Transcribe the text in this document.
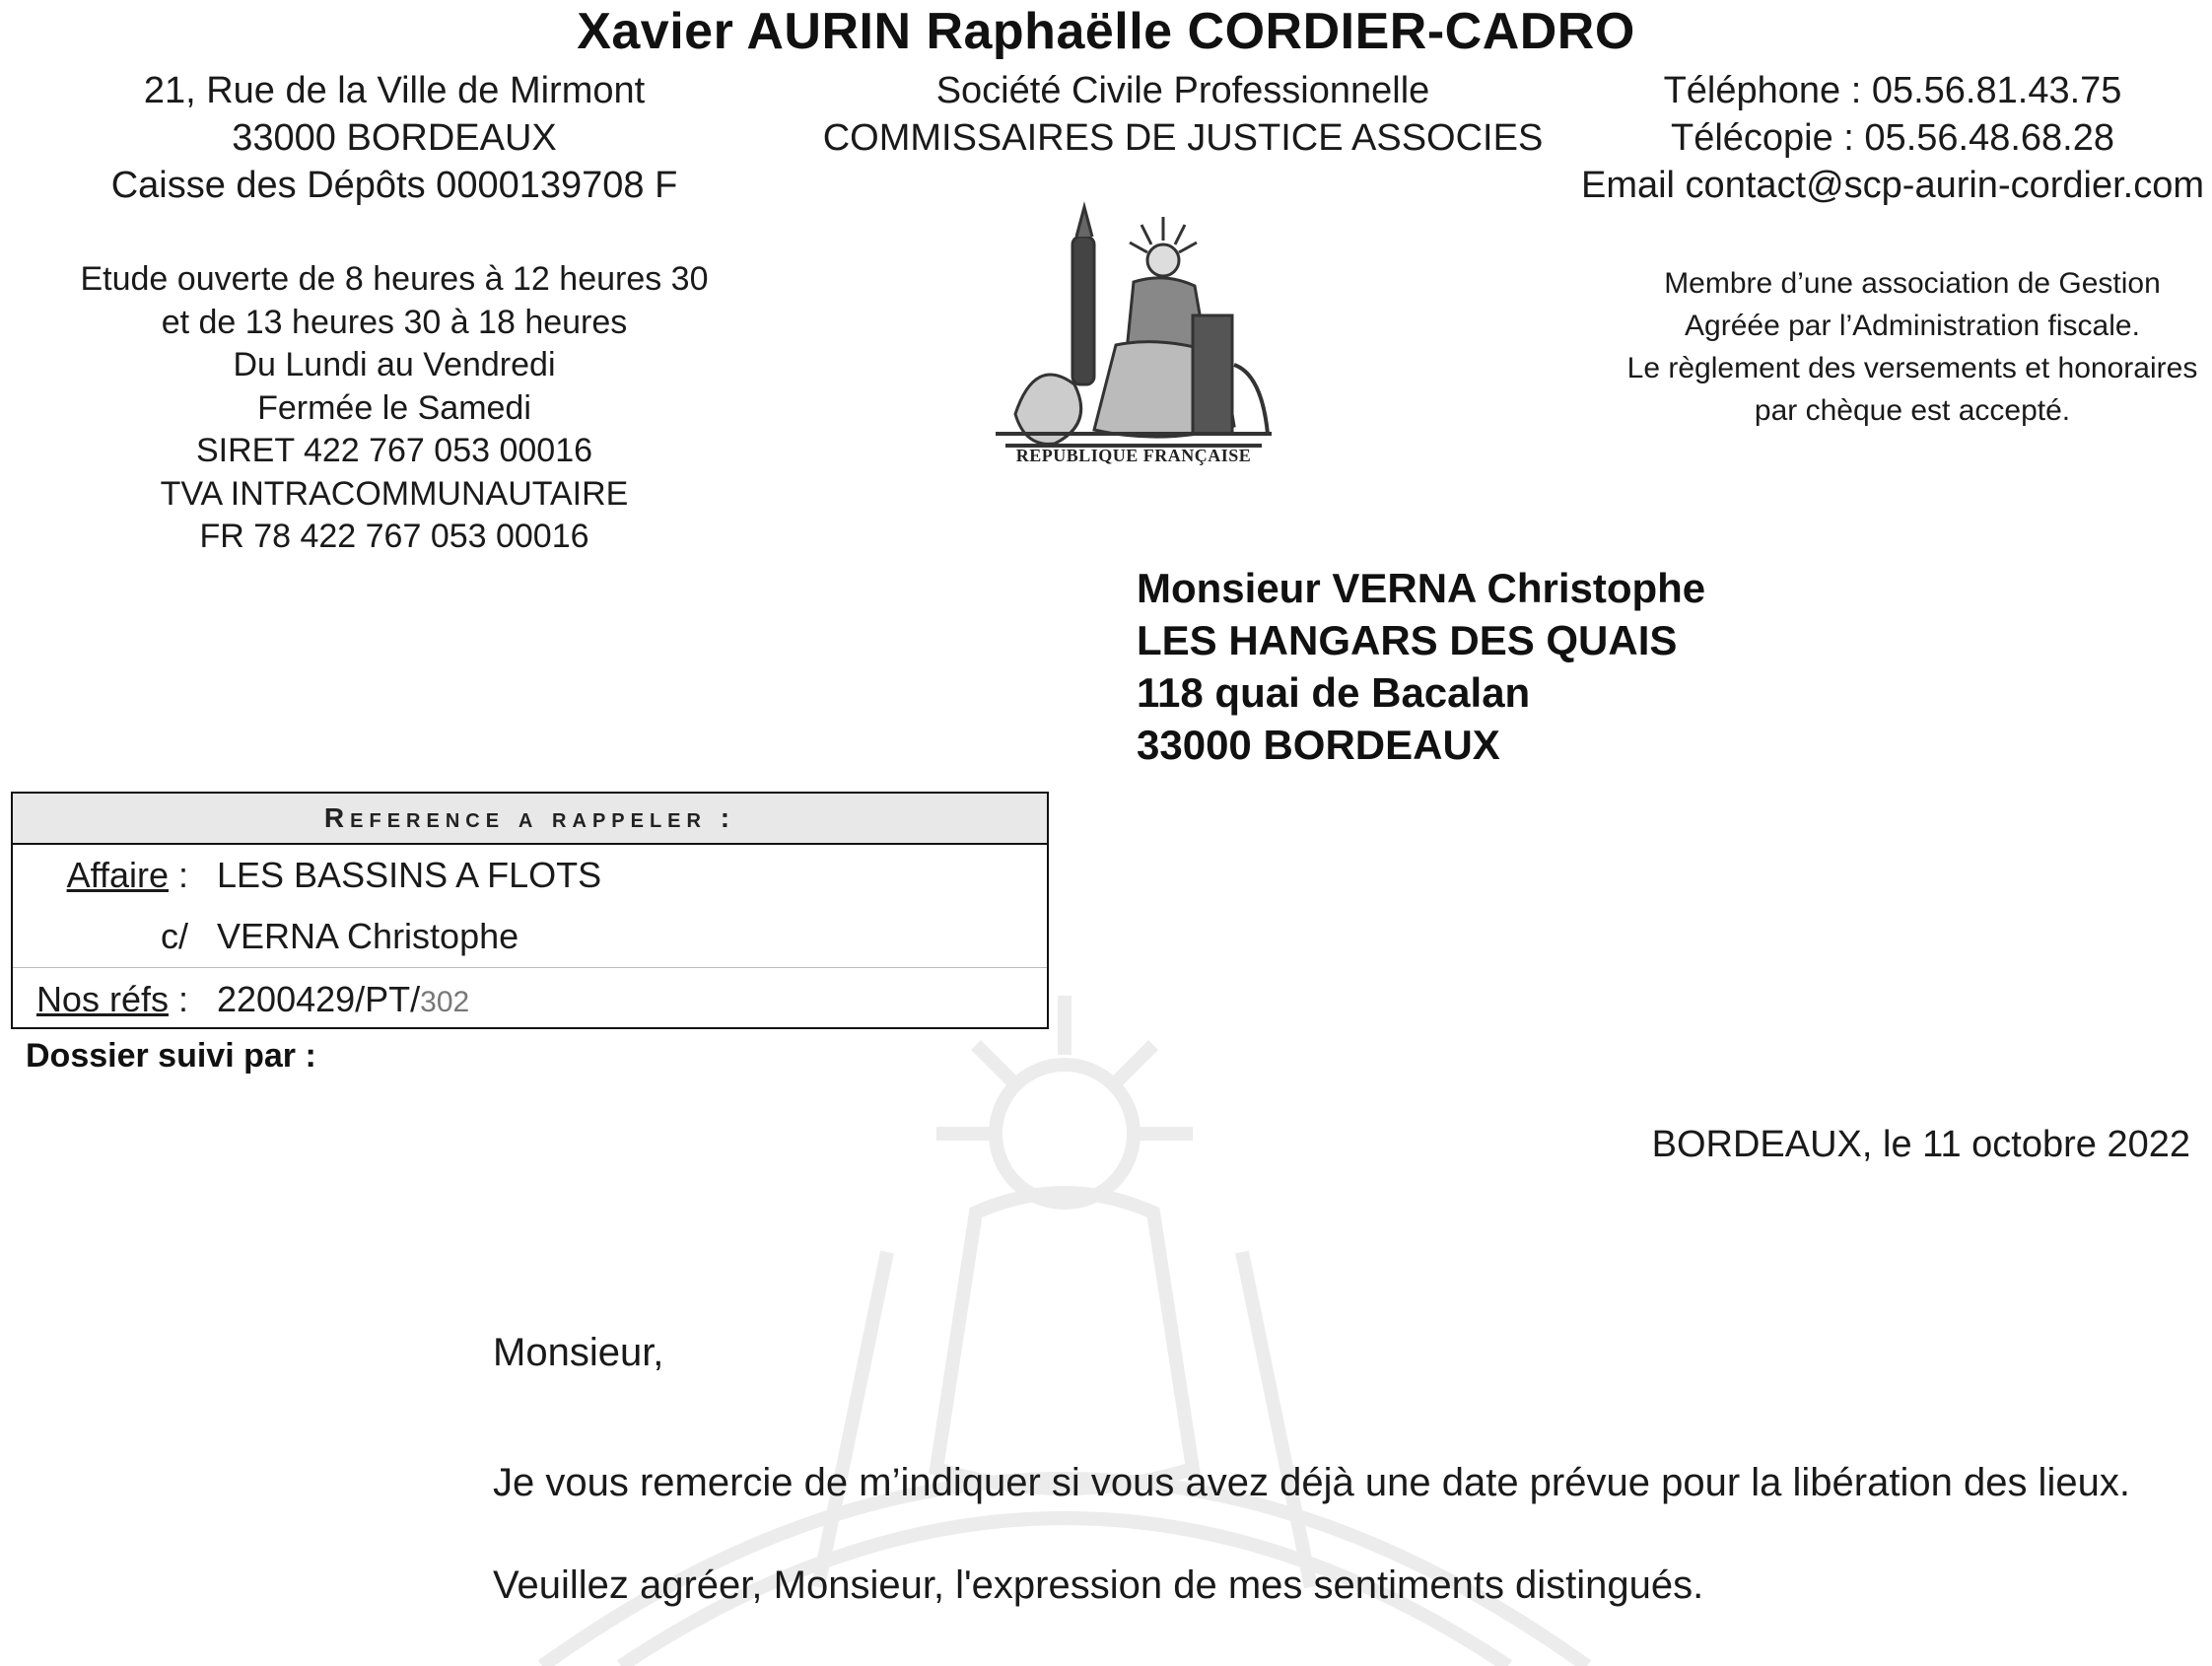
Xavier AURIN Raphaëlle CORDIER-CADRO
21, Rue de la Ville de Mirmont
33000 BORDEAUX
Caisse des Dépôts 0000139708 F
Société Civile Professionnelle
COMMISSAIRES DE JUSTICE ASSOCIES
Téléphone : 05.56.81.43.75
Télécopie : 05.56.48.68.28
Email contact@scp-aurin-cordier.com
Etude ouverte de 8 heures à 12 heures 30
et de 13 heures 30 à 18 heures
Du Lundi au Vendredi
Fermée le Samedi
SIRET 422 767 053 00016
TVA INTRACOMMUNAUTAIRE
FR 78 422 767 053 00016
Membre d’une association de Gestion
Agréée par l’Administration fiscale.
Le règlement des versements et honoraires
par chèque est accepté.
REPUBLIQUE FRANÇAISE
Monsieur VERNA Christophe
LES HANGARS DES QUAIS
118 quai de Bacalan
33000 BORDEAUX
Reference a rappeler :
Affaire : LES BASSINS A FLOTS
c/ VERNA Christophe
Nos réfs : 2200429/PT/302
Dossier suivi par :
BORDEAUX, le 11 octobre 2022
Monsieur,
Je vous remercie de m’indiquer si vous avez déjà une date prévue pour la libération des lieux.
Veuillez agréer, Monsieur, l'expression de mes sentiments distingués.
